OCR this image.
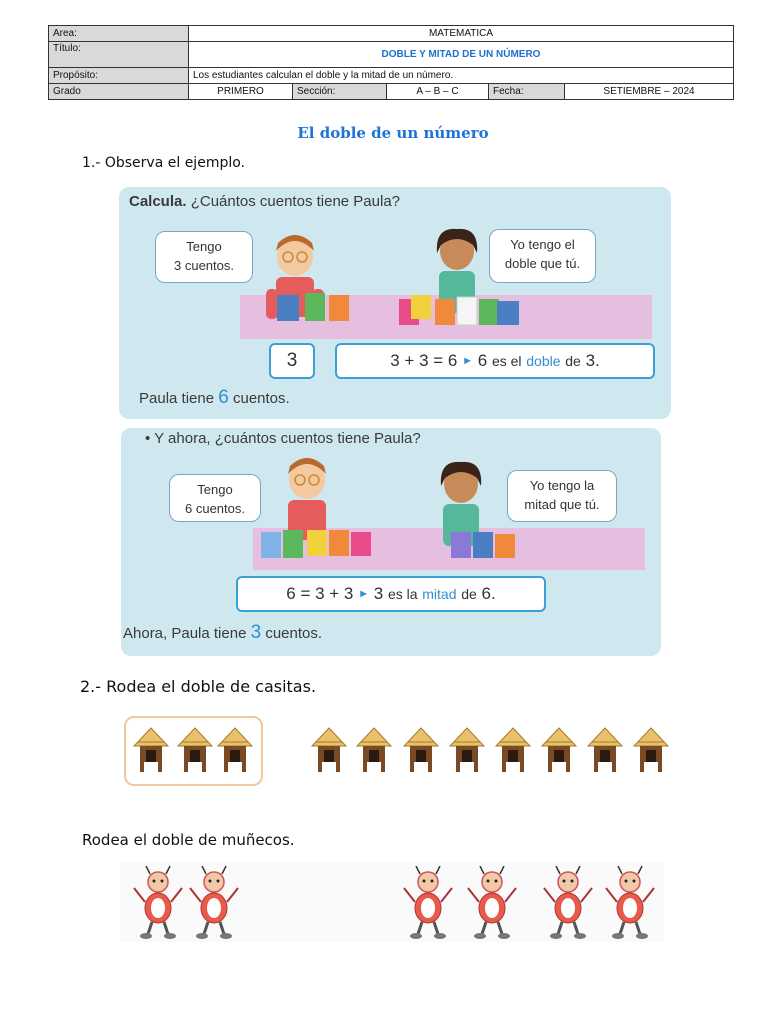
Area:	MATEMATICA				
Título:	DOBLE Y MITAD DE UN NÚMERO				
Propósito:	Los estudiantes calculan el doble y la mitad de un número.				
Grado	PRIMERO	Sección:	A – B – C	Fecha:	SETIEMBRE – 2024
El doble de un número
1.- Observa el ejemplo.
Calcula. ¿Cuántos cuentos tiene Paula?
Tengo
3 cuentos.
Yo tengo el
doble que tú.
3	3 + 3 = 6
►
6
es el
doble
de
3.
Paula tiene 6 cuentos.
• Y ahora, ¿cuántos cuentos tiene Paula?
Tengo
6 cuentos.
Yo tengo la
mitad que tú.
6 = 3 + 3
►
3
es la
mitad
de
6.
Ahora, Paula tiene 3 cuentos.
2.- Rodea el doble de casitas.
Rodea el doble de muñecos.
